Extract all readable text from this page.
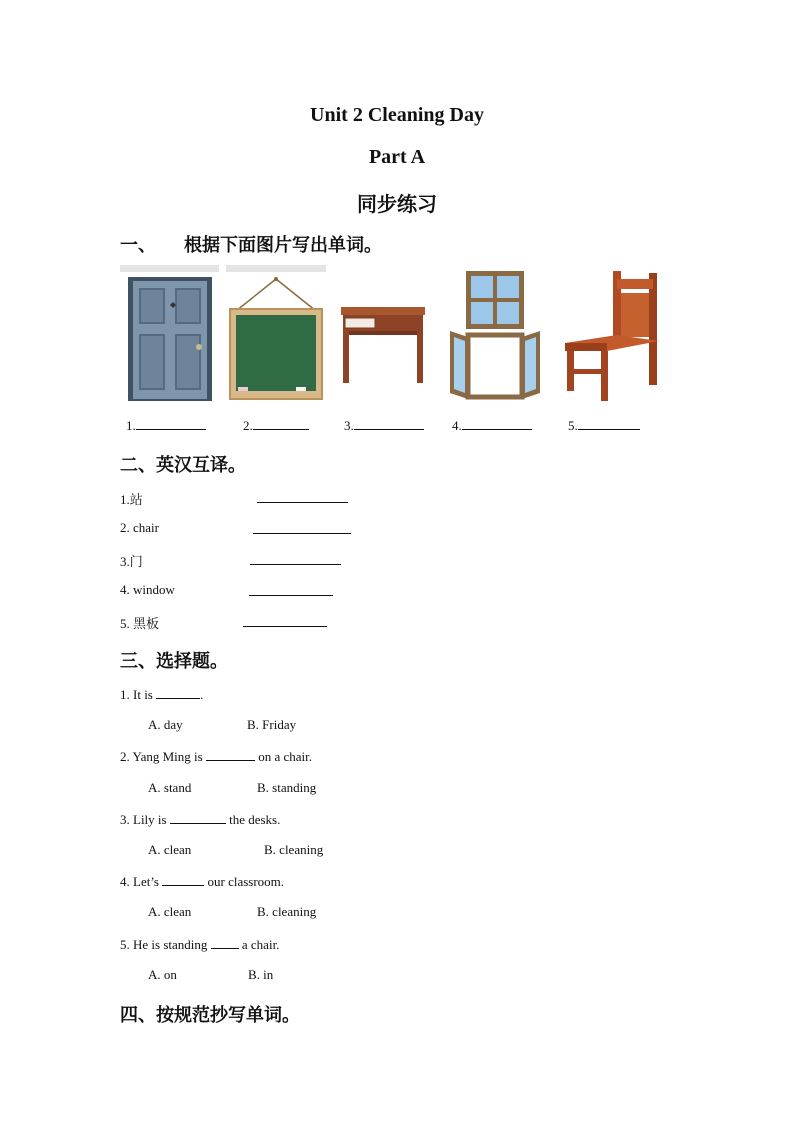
Unit 2 Cleaning Day
Part A
同步练习
一、 根据下面图片写出单词。
1.	2.	3.	4.	5.
二、英汉互译。
1.站
2. chair
3.门
4. window
5. 黑板
三、选择题。
1. It is	.
A. day	B. Friday
2. Yang Ming is	on a chair.
A. stand	B. standing
3. Lily is	the desks.
A. clean	B. cleaning
4. Let’s	our classroom.
A. clean	B. cleaning
5. He is standing  a chair.
A. on	B. in
四、按规范抄写单词。
